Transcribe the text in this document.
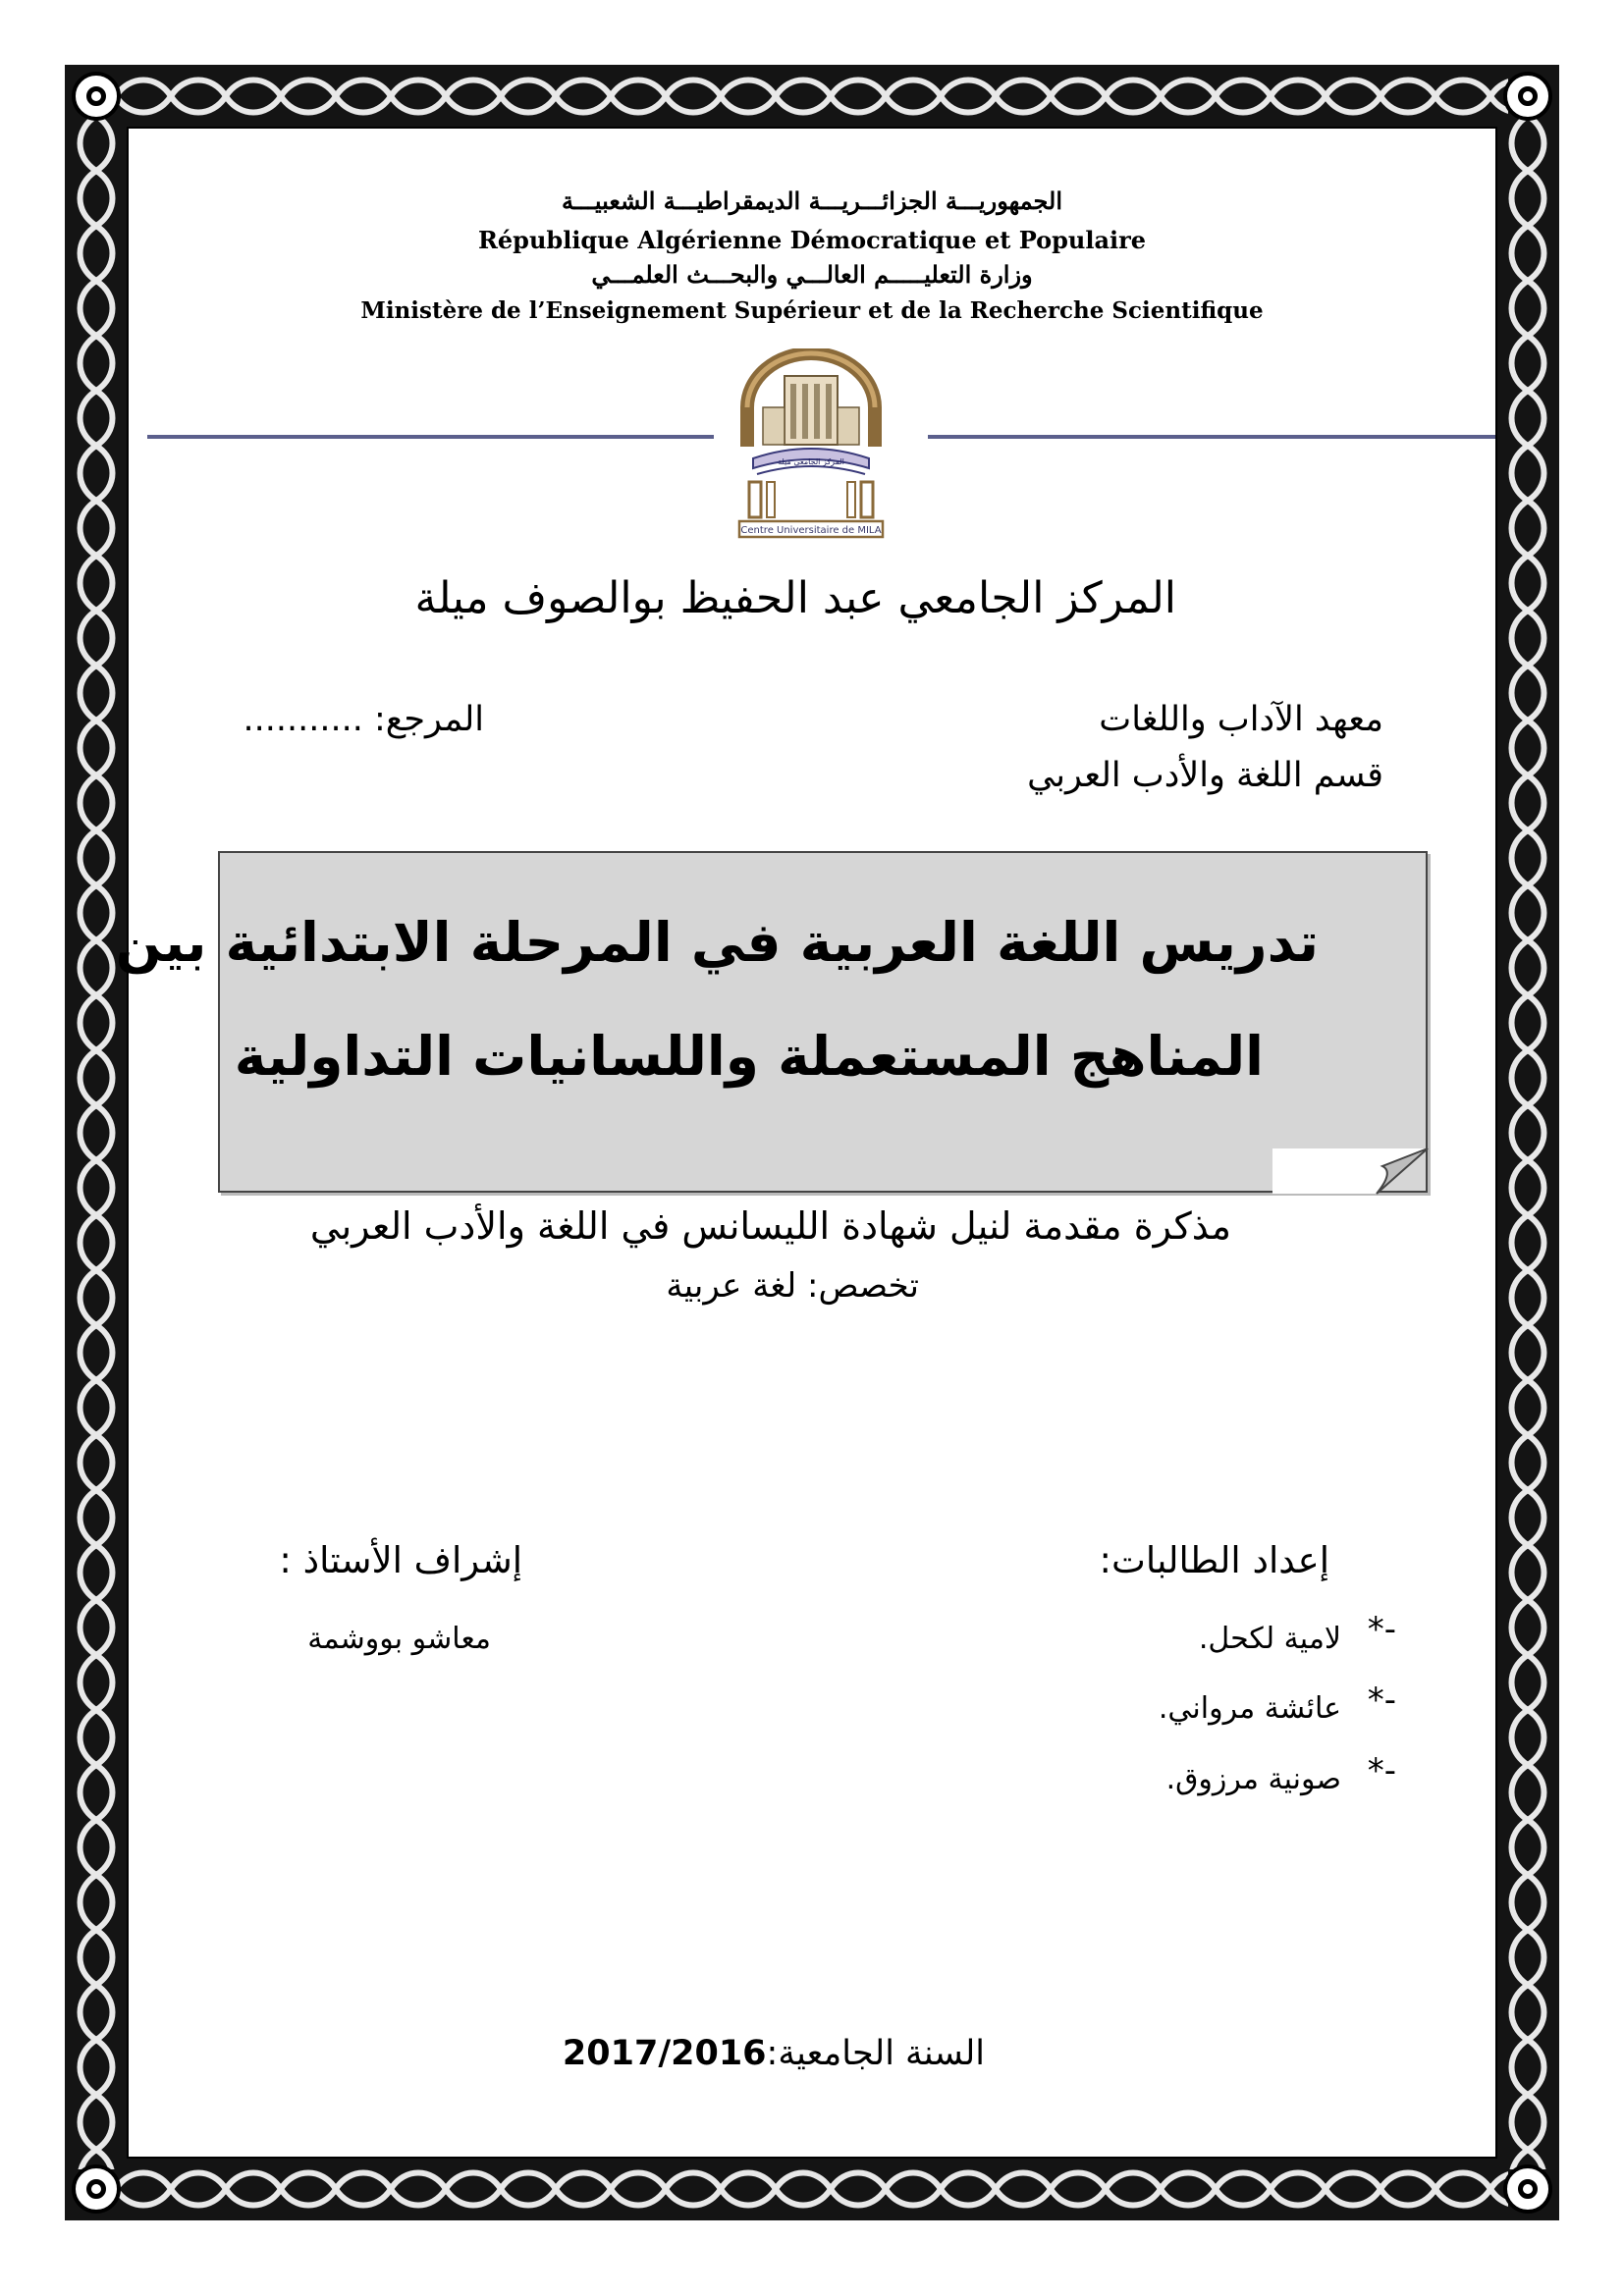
الجمهوريـــة الجزائـــريـــة الديمقراطيـــة الشعبيـــة
République Algérienne Démocratique et Populaire
وزارة التعليـــــم العالـــي والبحـــث العلمـــي
Ministère de l’Enseignement Supérieur et de la Recherche Scientifique
المركز الجامعي ميلة
Centre Universitaire de MILA
المركز الجامعي عبد الحفيظ بوالصوف ميلة
معهد الآداب واللغات
المرجع: ...........
قسم اللغة والأدب العربي
تدريس اللغة العربية في المرحلة الابتدائية بين
المناهج المستعملة واللسانيات التداولية
مذكرة مقدمة لنيل شهادة الليسانس في اللغة والأدب العربي
تخصص: لغة عربية
إعداد الطالبات:
*-
لامية لكحل.
*-
عائشة مرواني.
*-
صونية مرزوق.
إشراف الأستاذ :
معاشو بووشمة
السنة الجامعية:2017/2016
